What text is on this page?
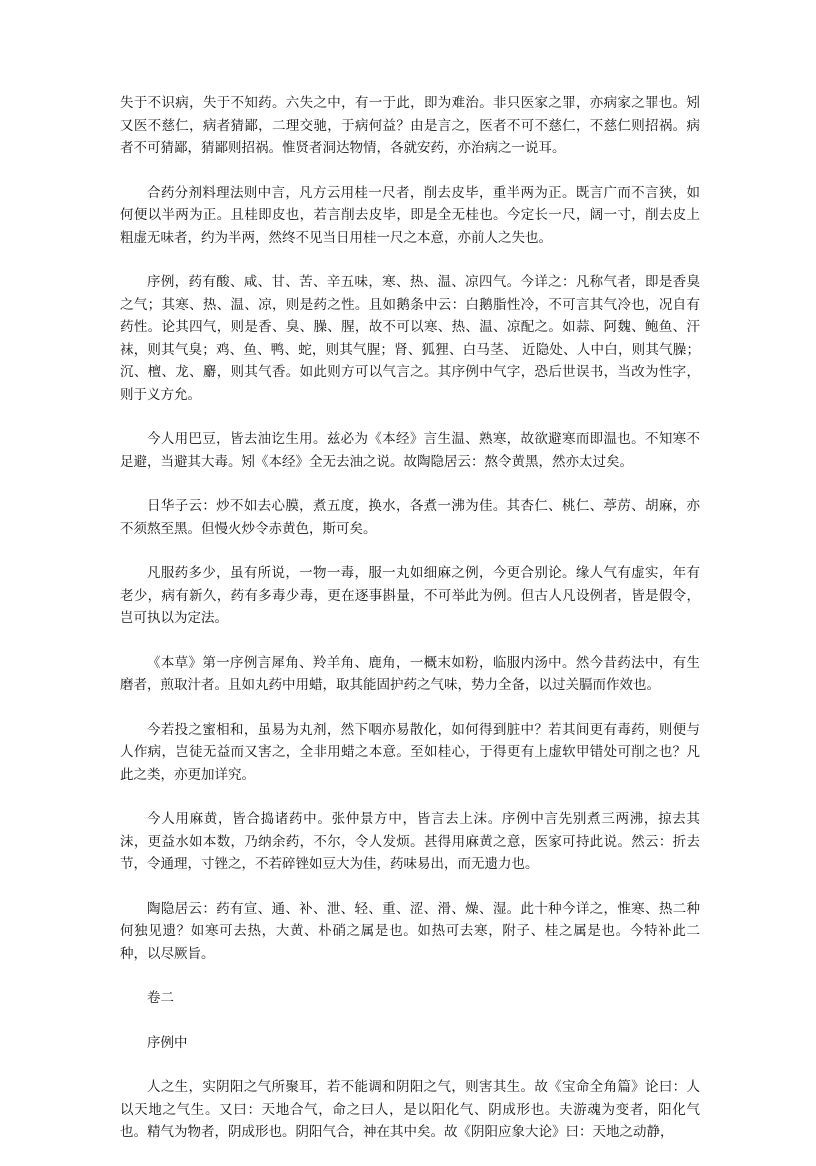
失于不识病，失于不知药。六失之中，有一于此，即为难治。非只医家之罪，亦病家之罪也。矧又医不慈仁，病者猜鄙，二理交驰，于病何益？由是言之，医者不可不慈仁，不慈仁则招祸。病者不可猜鄙，猜鄙则招祸。惟贤者洞达物情，各就安药，亦治病之一说耳。

合药分剂料理法则中言，凡方云用桂一尺者，削去皮毕，重半两为正。既言广而不言狭，如何便以半两为正。且桂即皮也，若言削去皮毕，即是全无桂也。今定长一尺，阔一寸，削去皮上粗虚无味者，约为半两，然终不见当日用桂一尺之本意，亦前人之失也。

序例，药有酸、咸、甘、苦、辛五味，寒、热、温、凉四气。今详之：凡称气者，即是香臭之气；其寒、热、温、凉，则是药之性。且如鹅条中云：白鹅脂性冷，不可言其气冷也，况自有药性。论其四气，则是香、臭、臊、腥，故不可以寒、热、温、凉配之。如蒜、阿魏、鲍鱼、汗袜，则其气臭；鸡、鱼、鸭、蛇，则其气腥；肾、狐狸、白马茎、 近隐处、人中白，则其气臊；沉、檀、龙、麝，则其气香。如此则方可以气言之。其序例中气字，恐后世误书，当改为性字，则于义方允。

今人用巴豆，皆去油讫生用。兹必为《本经》言生温、熟寒，故欲避寒而即温也。不知寒不足避，当避其大毒。矧《本经》全无去油之说。故陶隐居云：熬令黄黑，然亦太过矣。

日华子云：炒不如去心膜，煮五度，换水，各煮一沸为佳。其杏仁、桃仁、葶苈、胡麻，亦不须熬至黑。但慢火炒令赤黄色，斯可矣。

凡服药多少，虽有所说，一物一毒，服一丸如细麻之例，今更合别论。缘人气有虚实，年有老少，病有新久，药有多毒少毒，更在逐事斟量，不可举此为例。但古人凡设例者，皆是假令，岂可执以为定法。

《本草》第一序例言犀角、羚羊角、鹿角，一概末如粉，临服内汤中。然今昔药法中，有生磨者，煎取汁者。且如丸药中用蜡，取其能固护药之气味，势力全备，以过关膈而作效也。

今若投之蜜相和，虽易为丸剂，然下咽亦易散化，如何得到脏中？若其间更有毒药，则便与人作病，岂徒无益而又害之，全非用蜡之本意。至如桂心，于得更有上虚软甲错处可削之也？凡此之类，亦更加详究。

今人用麻黄，皆合捣诸药中。张仲景方中，皆言去上沫。序例中言先别煮三两沸，掠去其沫，更益水如本数，乃纳余药，不尔，令人发烦。甚得用麻黄之意，医家可持此说。然云：折去节，令通理，寸锉之，不若碎锉如豆大为佳，药味易出，而无遗力也。

陶隐居云：药有宣、通、补、泄、轻、重、涩、滑、燥、湿。此十种今详之，惟寒、热二种何独见遗？如寒可去热，大黄、朴硝之属是也。如热可去寒，附子、桂之属是也。今特补此二种，以尽厥旨。

卷二

序例中

人之生，实阴阳之气所聚耳，若不能调和阴阳之气，则害其生。故《宝命全角篇》论曰：人以天地之气生。又曰：天地合气，命之曰人，是以阳化气、阴成形也。夫游魂为变者，阳化气也。精气为物者，阴成形也。阴阳气合，神在其中矣。故《阴阳应象大论》曰：天地之动静，
